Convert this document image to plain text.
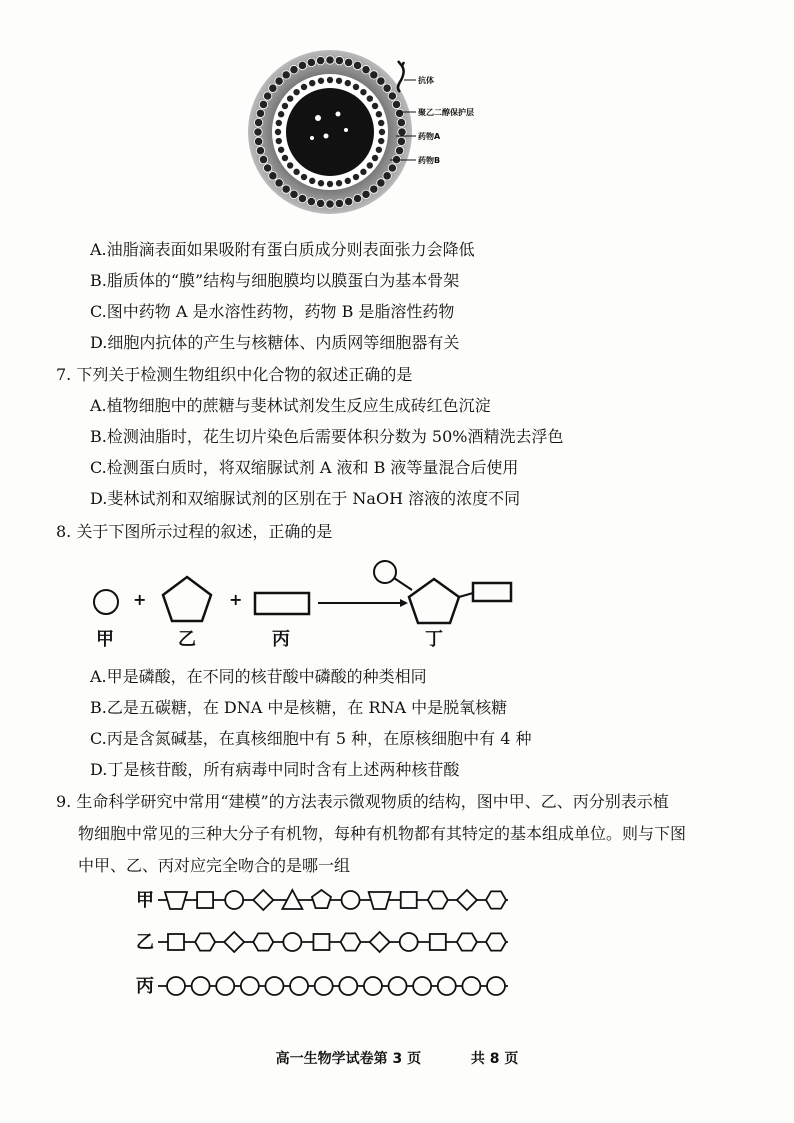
抗体
聚乙二醇保护层
药物A
药物B
A.油脂滴表面如果吸附有蛋白质成分则表面张力会降低
B.脂质体的“膜”结构与细胞膜均以膜蛋白为基本骨架
C.图中药物 A 是水溶性药物，药物 B 是脂溶性药物
D.细胞内抗体的产生与核糖体、内质网等细胞器有关
7. 下列关于检测生物组织中化合物的叙述正确的是
A.植物细胞中的蔗糖与斐林试剂发生反应生成砖红色沉淀
B.检测油脂时，花生切片染色后需要体积分数为 50%酒精洗去浮色
C.检测蛋白质时，将双缩脲试剂 A 液和 B 液等量混合后使用
D.斐林试剂和双缩脲试剂的区别在于 NaOH 溶液的浓度不同
8. 关于下图所示过程的叙述，正确的是
+	+
甲	乙	丙	丁
A.甲是磷酸，在不同的核苷酸中磷酸的种类相同
B.乙是五碳糖，在 DNA 中是核糖，在 RNA 中是脱氧核糖
C.丙是含氮碱基，在真核细胞中有 5 种，在原核细胞中有 4 种
D.丁是核苷酸，所有病毒中同时含有上述两种核苷酸
9. 生命科学研究中常用“建模”的方法表示微观物质的结构，图中甲、乙、丙分别表示植
物细胞中常见的三种大分子有机物，每种有机物都有其特定的基本组成单位。则与下图
中甲、乙、丙对应完全吻合的是哪一组
甲
乙
丙
高一生物学试卷第 3 页	共 8 页
